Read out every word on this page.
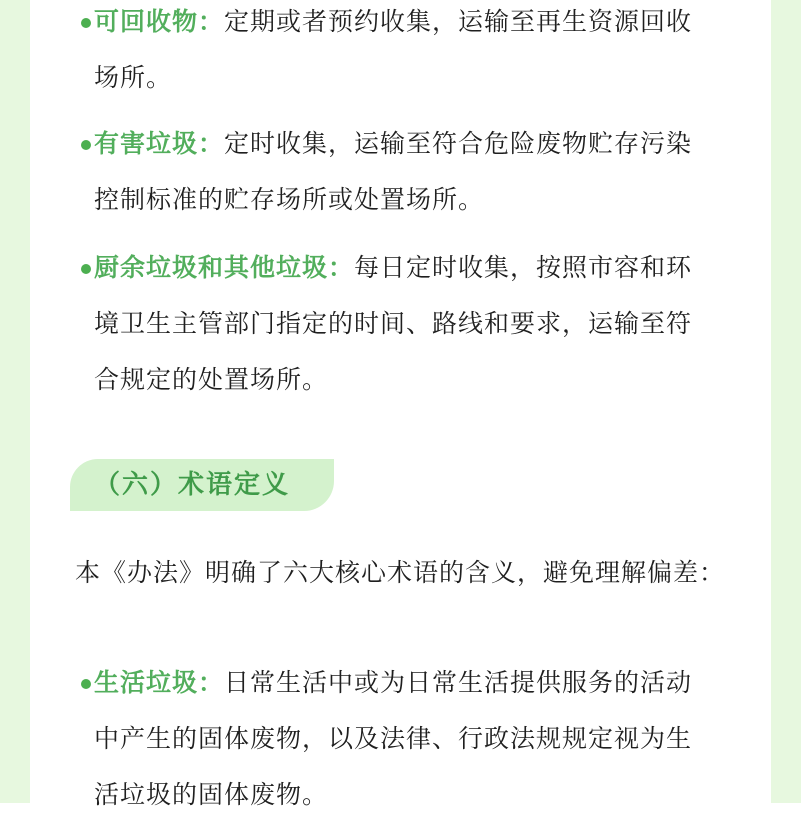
可回收物：定期或者预约收集，运输至再生资源回收场所。
有害垃圾：定时收集，运输至符合危险废物贮存污染控制标准的贮存场所或处置场所。
厨余垃圾和其他垃圾：每日定时收集，按照市容和环境卫生主管部门指定的时间、路线和要求，运输至符合规定的处置场所。
（六）术语定义
本《办法》明确了六大核心术语的含义，避免理解偏差：
生活垃圾：日常生活中或为日常生活提供服务的活动中产生的固体废物，以及法律、行政法规规定视为生活垃圾的固体废物。
